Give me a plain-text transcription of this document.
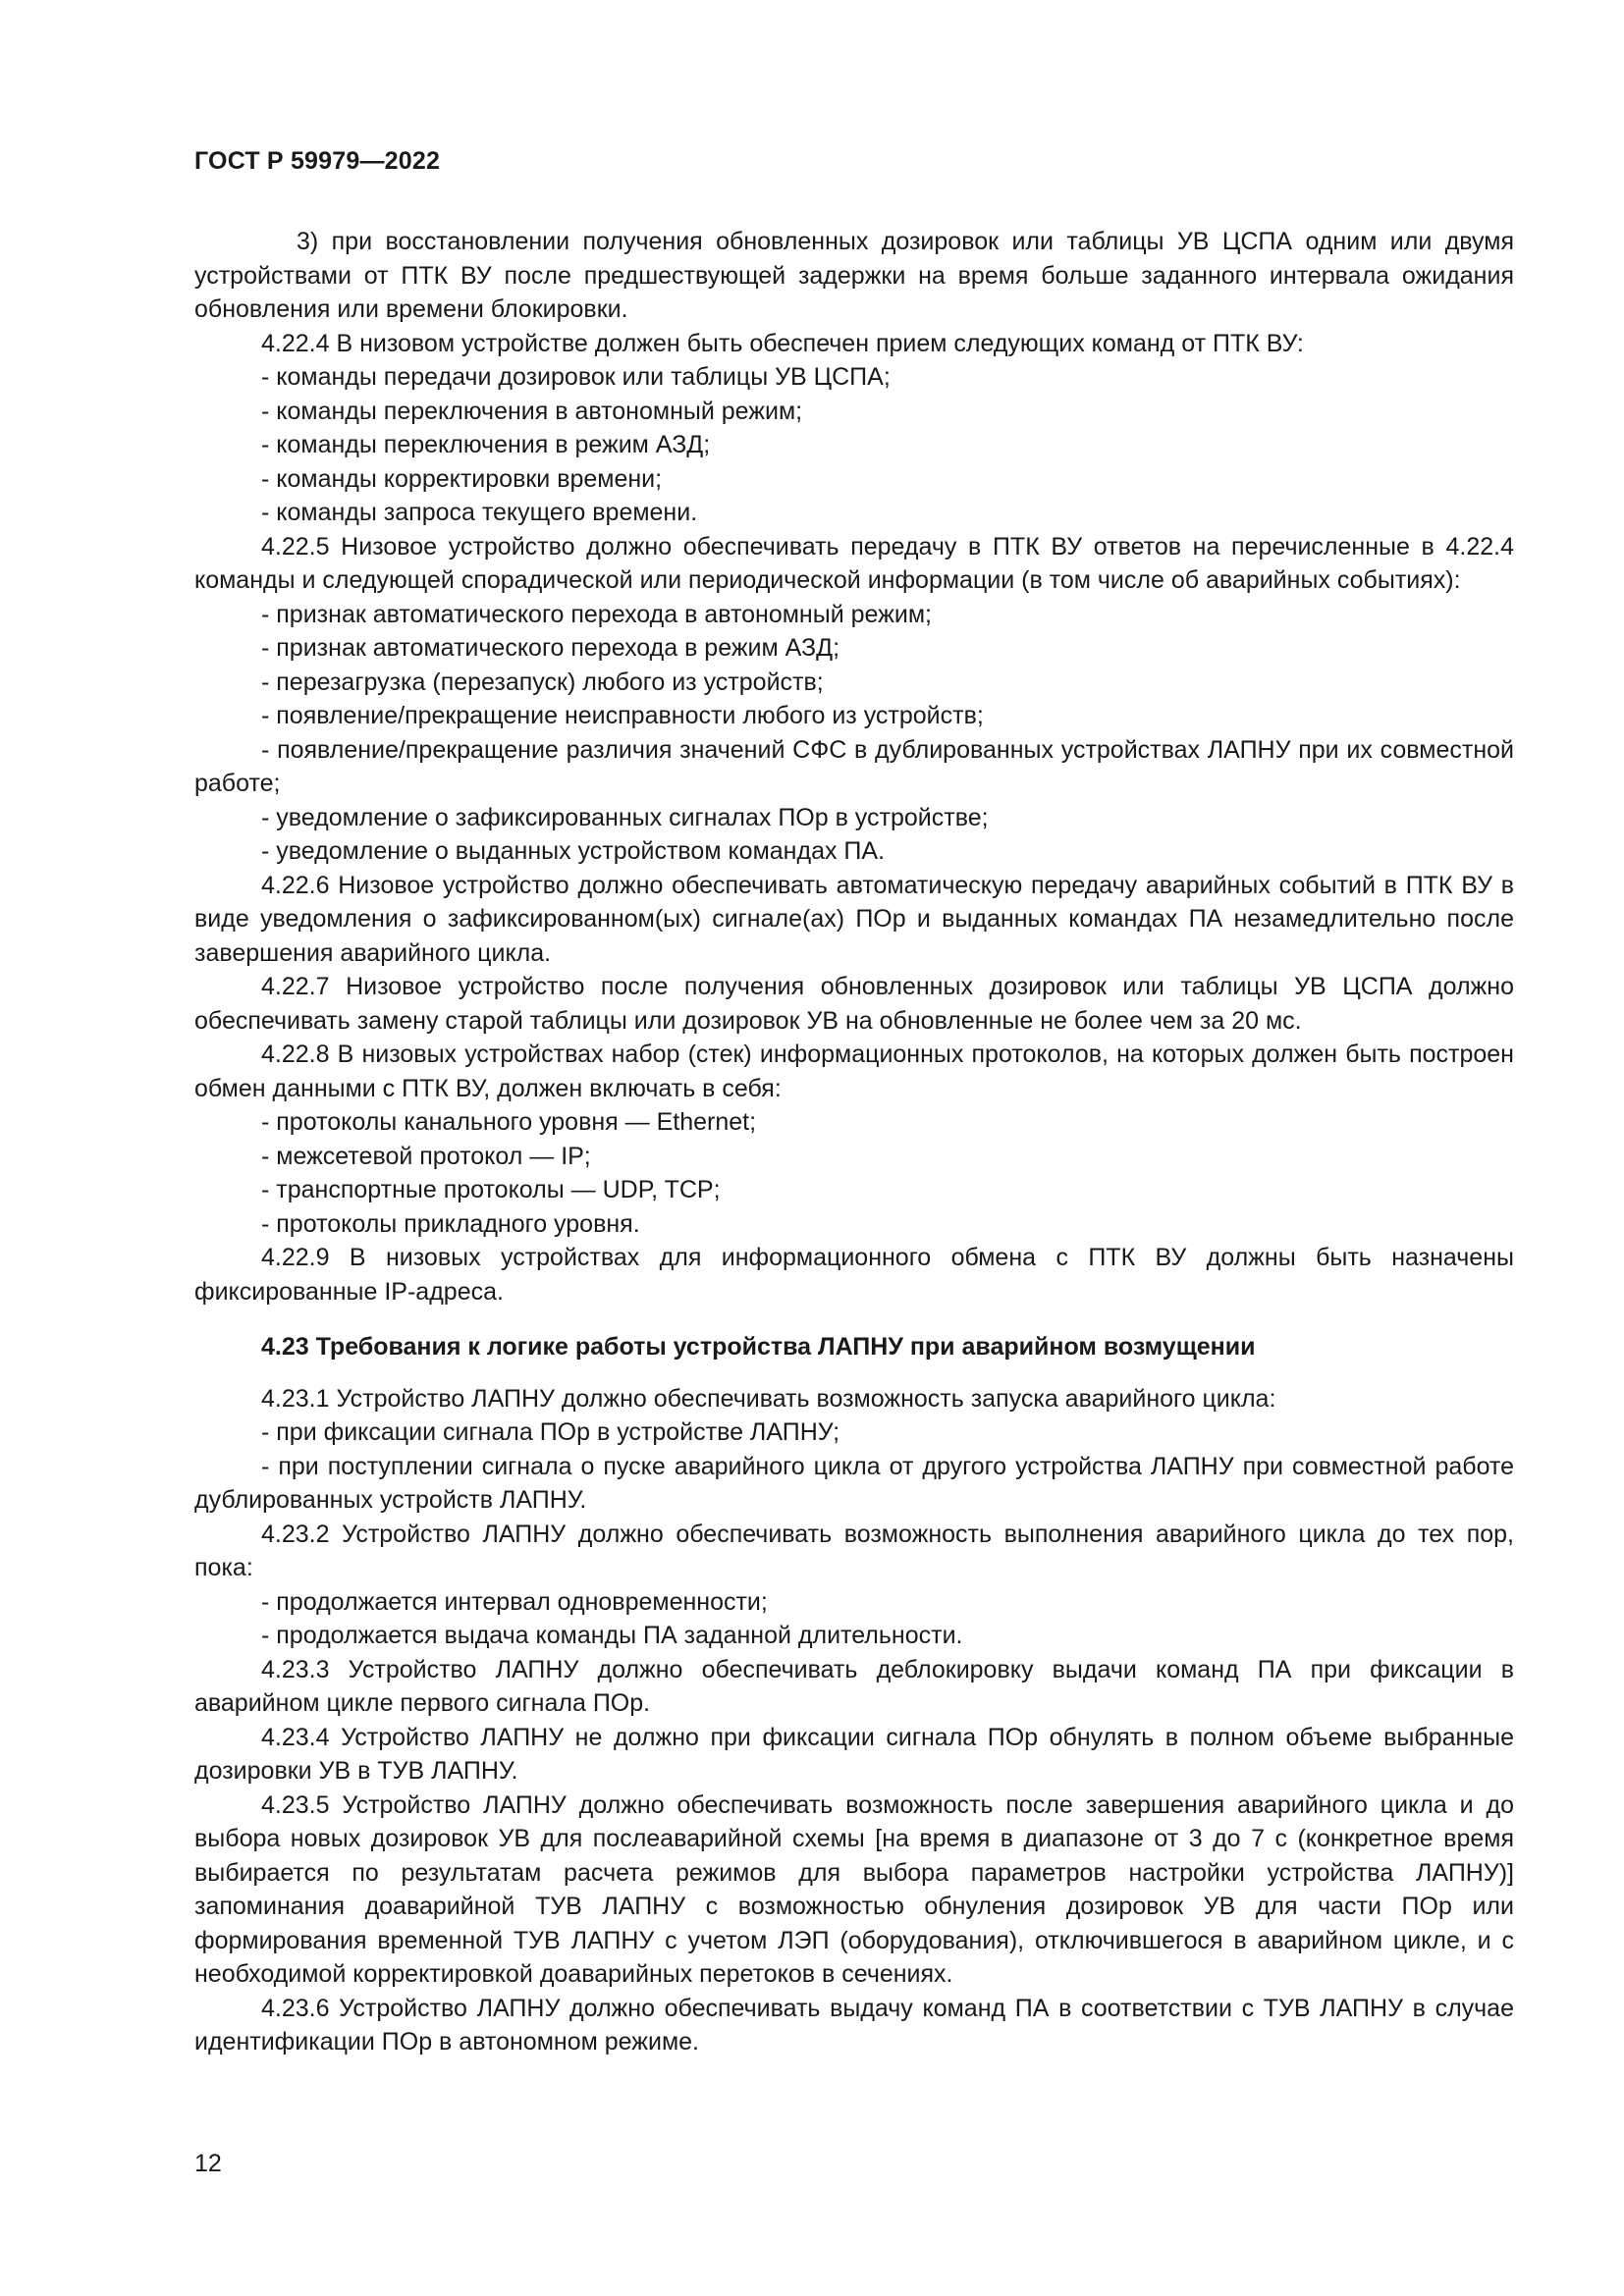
ГОСТ Р 59979—2022

3) при восстановлении получения обновленных дозировок или таблицы УВ ЦСПА одним или двумя устройствами от ПТК ВУ после предшествующей задержки на время больше заданного интервала ожидания обновления или времени блокировки.

4.22.4 В низовом устройстве должен быть обеспечен прием следующих команд от ПТК ВУ:

- команды передачи дозировок или таблицы УВ ЦСПА;

- команды переключения в автономный режим;

- команды переключения в режим АЗД;

- команды корректировки времени;

- команды запроса текущего времени.

4.22.5 Низовое устройство должно обеспечивать передачу в ПТК ВУ ответов на перечисленные в 4.22.4 команды и следующей спорадической или периодической информации (в том числе об аварийных событиях):

- признак автоматического перехода в автономный режим;

- признак автоматического перехода в режим АЗД;

- перезагрузка (перезапуск) любого из устройств;

- появление/прекращение неисправности любого из устройств;

- появление/прекращение различия значений СФС в дублированных устройствах ЛАПНУ при их совместной работе;

- уведомление о зафиксированных сигналах ПОр в устройстве;

- уведомление о выданных устройством командах ПА.

4.22.6 Низовое устройство должно обеспечивать автоматическую передачу аварийных событий в ПТК ВУ в виде уведомления о зафиксированном(ых) сигнале(ах) ПОр и выданных командах ПА незамедлительно после завершения аварийного цикла.

4.22.7 Низовое устройство после получения обновленных дозировок или таблицы УВ ЦСПА должно обеспечивать замену старой таблицы или дозировок УВ на обновленные не более чем за 20 мс.

4.22.8 В низовых устройствах набор (стек) информационных протоколов, на которых должен быть построен обмен данными с ПТК ВУ, должен включать в себя:

- протоколы канального уровня — Ethernet;

- межсетевой протокол — IP;

- транспортные протоколы — UDP, TCP;

- протоколы прикладного уровня.

4.22.9 В низовых устройствах для информационного обмена с ПТК ВУ должны быть назначены фиксированные IP-адреса.

4.23 Требования к логике работы устройства ЛАПНУ при аварийном возмущении

4.23.1 Устройство ЛАПНУ должно обеспечивать возможность запуска аварийного цикла:

- при фиксации сигнала ПОр в устройстве ЛАПНУ;

- при поступлении сигнала о пуске аварийного цикла от другого устройства ЛАПНУ при совместной работе дублированных устройств ЛАПНУ.

4.23.2 Устройство ЛАПНУ должно обеспечивать возможность выполнения аварийного цикла до тех пор, пока:

- продолжается интервал одновременности;

- продолжается выдача команды ПА заданной длительности.

4.23.3 Устройство ЛАПНУ должно обеспечивать деблокировку выдачи команд ПА при фиксации в аварийном цикле первого сигнала ПОр.

4.23.4 Устройство ЛАПНУ не должно при фиксации сигнала ПОр обнулять в полном объеме выбранные дозировки УВ в ТУВ ЛАПНУ.

4.23.5 Устройство ЛАПНУ должно обеспечивать возможность после завершения аварийного цикла и до выбора новых дозировок УВ для послеаварийной схемы [на время в диапазоне от 3 до 7 с (конкретное время выбирается по результатам расчета режимов для выбора параметров настройки устройства ЛАПНУ)] запоминания доаварийной ТУВ ЛАПНУ с возможностью обнуления дозировок УВ для части ПОр или формирования временной ТУВ ЛАПНУ с учетом ЛЭП (оборудования), отключившегося в аварийном цикле, и с необходимой корректировкой доаварийных перетоков в сечениях.

4.23.6 Устройство ЛАПНУ должно обеспечивать выдачу команд ПА в соответствии с ТУВ ЛАПНУ в случае идентификации ПОр в автономном режиме.

12
